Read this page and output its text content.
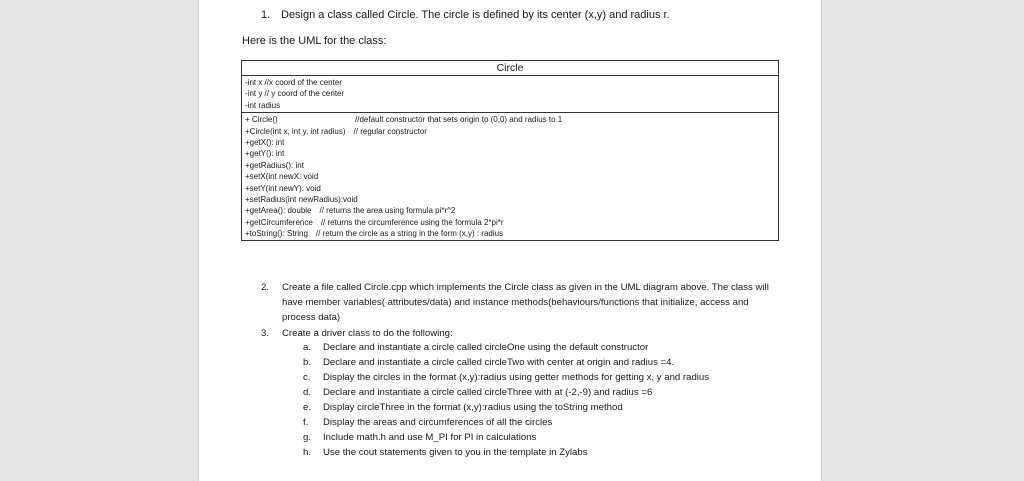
1. Design a class called Circle. The circle is defined by its center (x,y) and radius r.
Here is the UML for the class:
Circle
-int x //x coord of the center
-int y // y coord of the center
-int radius
+ Circle()	//default constructor that sets origin to (0,0) and radius to 1
+Circle(int x, int y, int radius) // regular constructor
+getX(): int
+getY(): int
+getRadius(): int
+setX(int newX: void
+setY(int newY): void
+setRadius(int newRadius):void
+getArea(): double // returns the area using formula pi*r^2
+getCircumference // returns the circumference using the formula 2*pi*r
+toString(): String // return the circle as a string in the form (x,y) : radius
2. Create a file called Circle.cpp which implements the Circle class as given in the UML diagram above. The class will have member variables( attributes/data) and instance methods(behaviours/functions that initialize, access and process data)
3. Create a driver class to do the following:
a. Declare and instantiate a circle called circleOne using the default constructor
b. Declare and instantiate a circle called circleTwo with center at origin and radius =4.
c. Display the circles in the format (x,y):radius using getter methods for getting x, y and radius
d. Declare and instantiate a circle called circleThree with at (-2,-9) and radius =6
e. Display circleThree in the format (x,y):radius using the toString method
f. Display the areas and circumferences of all the circles
g. Include math.h and use M_PI for PI in calculations
h. Use the cout statements given to you in the template in Zylabs
